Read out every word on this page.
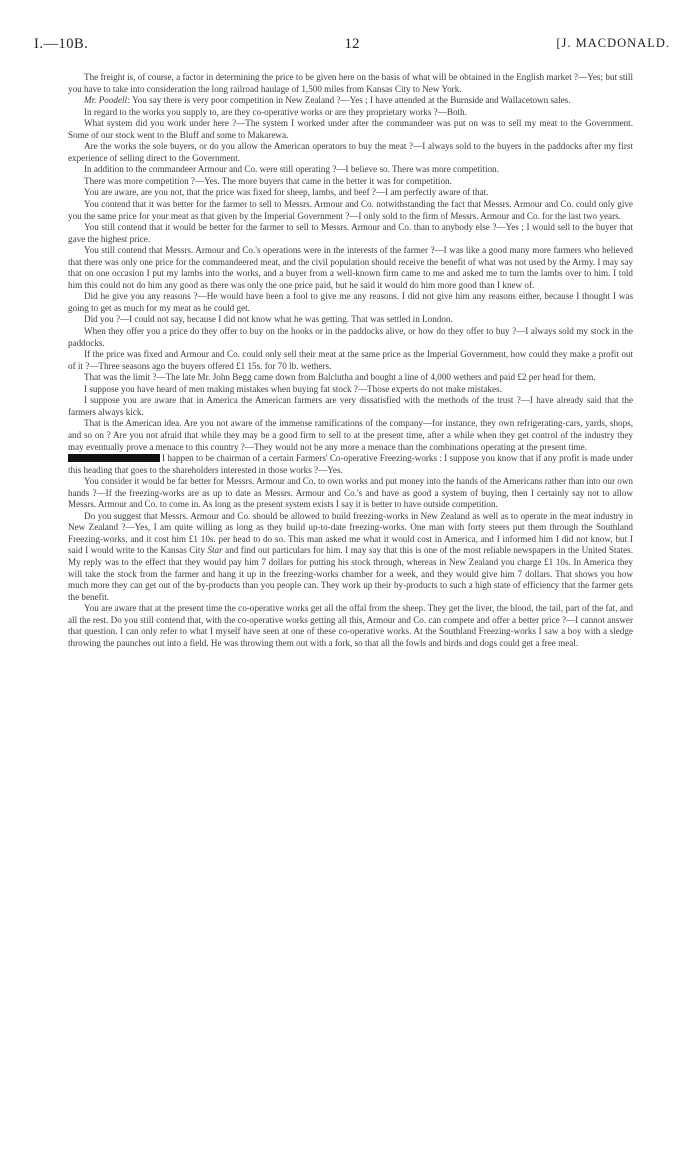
I.—10B.	12	[J. MACDONALD.

The freight is, of course, a factor in determining the price to be given here on the basis of what will be obtained in the English market ?—Yes; but still you have to take into consideration the long railroad haulage of 1,500 miles from Kansas City to New York.

Mr. Poodell: You say there is very poor competition in New Zealand ?—Yes ; I have attended at the Burnside and Wallacetown sales.

In regard to the works you supply to, are they co-operative works or are they proprietary works ?—Both.

What system did you work under here ?—The system I worked under after the commandeer was put on was to sell my meat to the Government. Some of our stock went to the Bluff and some to Makarewa.

Are the works the sole buyers, or do you allow the American operators to buy the meat ?—I always sold to the buyers in the paddocks after my first experience of selling direct to the Government.

In addition to the commandeer Armour and Co. were still operating ?—I believe so. There was more competition.

There was more competition ?—Yes. The more buyers that came in the better it was for competition.

You are aware, are you not, that the price was fixed for sheep, lambs, and beef ?—I am perfectly aware of that.

You contend that it was better for the farmer to sell to Messrs. Armour and Co. notwithstanding the fact that Messrs. Armour and Co. could only give you the same price for your meat as that given by the Imperial Government ?—I only sold to the firm of Messrs. Armour and Co. for the last two years.

You still contend that it would be better for the farmer to sell to Messrs. Armour and Co. than to anybody else ?—Yes ; I would sell to the buyer that gave the highest price.

You still contend that Messrs. Armour and Co.'s operations were in the interests of the farmer ?—I was like a good many more farmers who believed that there was only one price for the commandeered meat, and the civil population should receive the benefit of what was not used by the Army. I may say that on one occasion I put my lambs into the works, and a buyer from a well-known firm came to me and asked me to turn the lambs over to him. I told him this could not do him any good as there was only the one price paid, but he said it would do him more good than I knew of.

Did he give you any reasons ?—He would have been a fool to give me any reasons. I did not give him any reasons either, because I thought I was going to get as much for my meat as he could get.

Did you ?—I could not say, because I did not know what he was getting. That was settled in London.

When they offer you a price do they offer to buy on the hooks or in the paddocks alive, or how do they offer to buy ?—I always sold my stock in the paddocks.

If the price was fixed and Armour and Co. could only sell their meat at the same price as the Imperial Government, how could they make a profit out of it ?—Three seasons ago the buyers offered £1 15s. for 70 lb. wethers.

That was the limit ?—The late Mr. John Begg came down from Balclutha and bought a line of 4,000 wethers and paid £2 per head for them.

I suppose you have heard of men making mistakes when buying fat stock ?—Those experts do not make mistakes.

I suppose you are aware that in America the American farmers are very dissatisfied with the methods of the trust ?—I have already said that the farmers always kick.

That is the American idea. Are you not aware of the immense ramifications of the company—for instance, they own refrigerating-cars, yards, shops, and so on ? Are you not afraid that while they may be a good firm to sell to at the present time, after a while when they get control of the industry they may eventually prove a menace to this country ?—They would not be any more a menace than the combinations operating at the present time.

I happen to be chairman of a certain Farmers' Co-operative Freezing-works : I suppose you know that if any profit is made under this heading that goes to the shareholders interested in those works ?—Yes.

You consider it would be far better for Messrs. Armour and Co. to own works and put money into the hands of the Americans rather than into our own hands ?—If the freezing-works are as up to date as Messrs. Armour and Co.'s and have as good a system of buying, then I certainly say not to allow Messrs. Armour and Co. to come in. As long as the present system exists I say it is better to have outside competition.

Do you suggest that Messrs. Armour and Co. should be allowed to build freezing-works in New Zealand as well as to operate in the meat industry in New Zealand ?—Yes, I am quite willing as long as they build up-to-date freezing-works. One man with forty steers put them through the Southland Freezing-works, and it cost him £1 10s. per head to do so. This man asked me what it would cost in America, and I informed him I did not know, but I said I would write to the Kansas City Star and find out particulars for him. I may say that this is one of the most reliable newspapers in the United States. My reply was to the effect that they would pay him 7 dollars for putting his stock through, whereas in New Zealand you charge £1 10s. In America they will take the stock from the farmer and hang it up in the freezing-works chamber for a week, and they would give him 7 dollars. That shows you how much more they can get out of the by-products than you people can. They work up their by-products to such a high state of efficiency that the farmer gets the benefit.

You are aware that at the present time the co-operative works get all the offal from the sheep. They get the liver, the blood, the tail, part of the fat, and all the rest. Do you still contend that, with the co-operative works getting all this, Armour and Co. can compete and offer a better price ?—I cannot answer that question. I can only refer to what I myself have seen at one of these co-operative works. At the Southland Freezing-works I saw a boy with a sledge throwing the paunches out into a field. He was throwing them out with a fork, so that all the fowls and birds and dogs could get a free meal.
